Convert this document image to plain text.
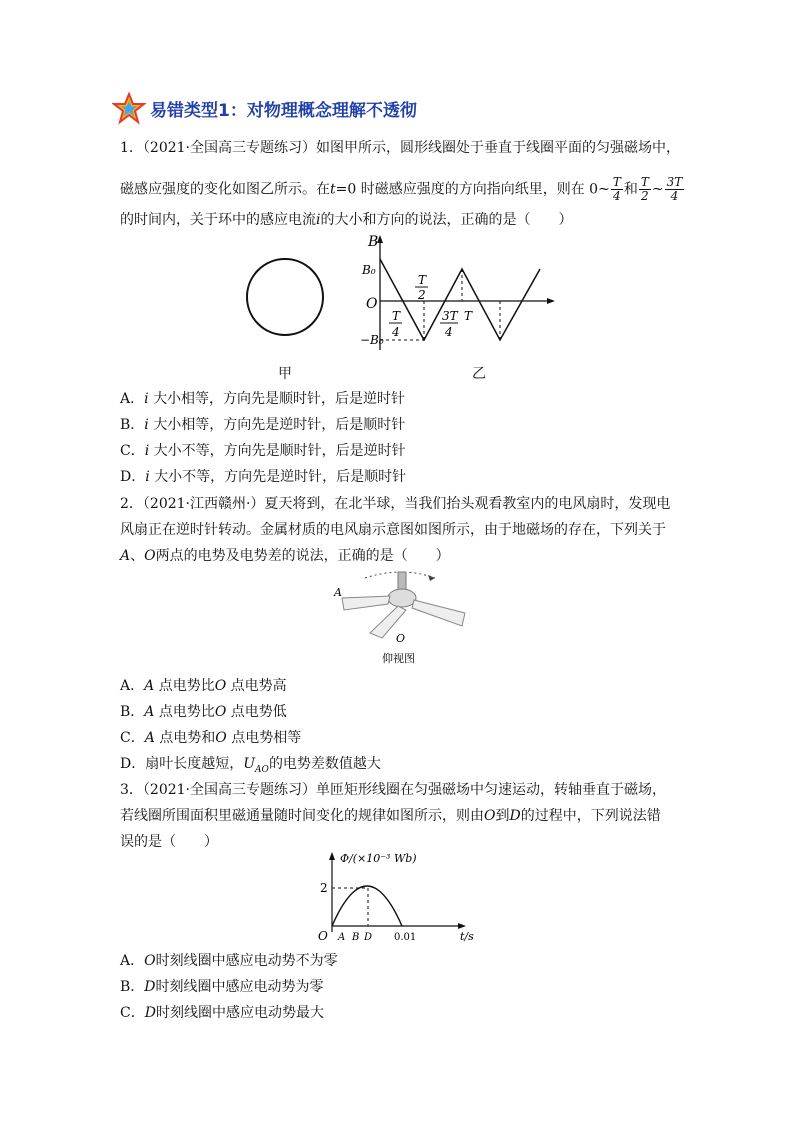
易错类型1：对物理概念理解不透彻
1．（2021·全国高三专题练习）如图甲所示，圆形线圈处于垂直于线圈平面的匀强磁场中，
磁感应强度的变化如图乙所示。在t=0 时磁感应强度的方向指向纸里，则在 0~ $\frac{T}{4}$ 和 $\frac{T}{2}$ ~ $\frac{3T}{4}$
的时间内，关于环中的感应电流i的大小和方向的说法，正确的是（　　）
甲
B
O
B₀
−B₀
T
4
T
2
3T
4
T
乙
A．i 大小相等，方向先是顺时针，后是逆时针
B．i 大小相等，方向先是逆时针，后是顺时针
C．i 大小不等，方向先是顺时针，后是逆时针
D．i 大小不等，方向先是逆时针，后是顺时针
2．（2021·江西赣州·）夏天将到，在北半球，当我们抬头观看教室内的电风扇时，发现电
风扇正在逆时针转动。金属材质的电风扇示意图如图所示，由于地磁场的存在，下列关于
A、O两点的电势及电势差的说法，正确的是（　　）
A
O
仰视图
A．A 点电势比O 点电势高
B．A 点电势比O 点电势低
C．A 点电势和O 点电势相等
D．扇叶长度越短，$U_{AO}$的电势差数值越大
3．（2021·全国高三专题练习）单匝矩形线圈在匀强磁场中匀速运动，转轴垂直于磁场，
若线圈所围面积里磁通量随时间变化的规律如图所示，则由O到D的过程中，下列说法错
误的是（　　）
Φ/(×10⁻³ Wb)
t/s
O
2
A B D 0.01
A．O时刻线圈中感应电动势不为零
B．D时刻线圈中感应电动势为零
C．D时刻线圈中感应电动势最大
